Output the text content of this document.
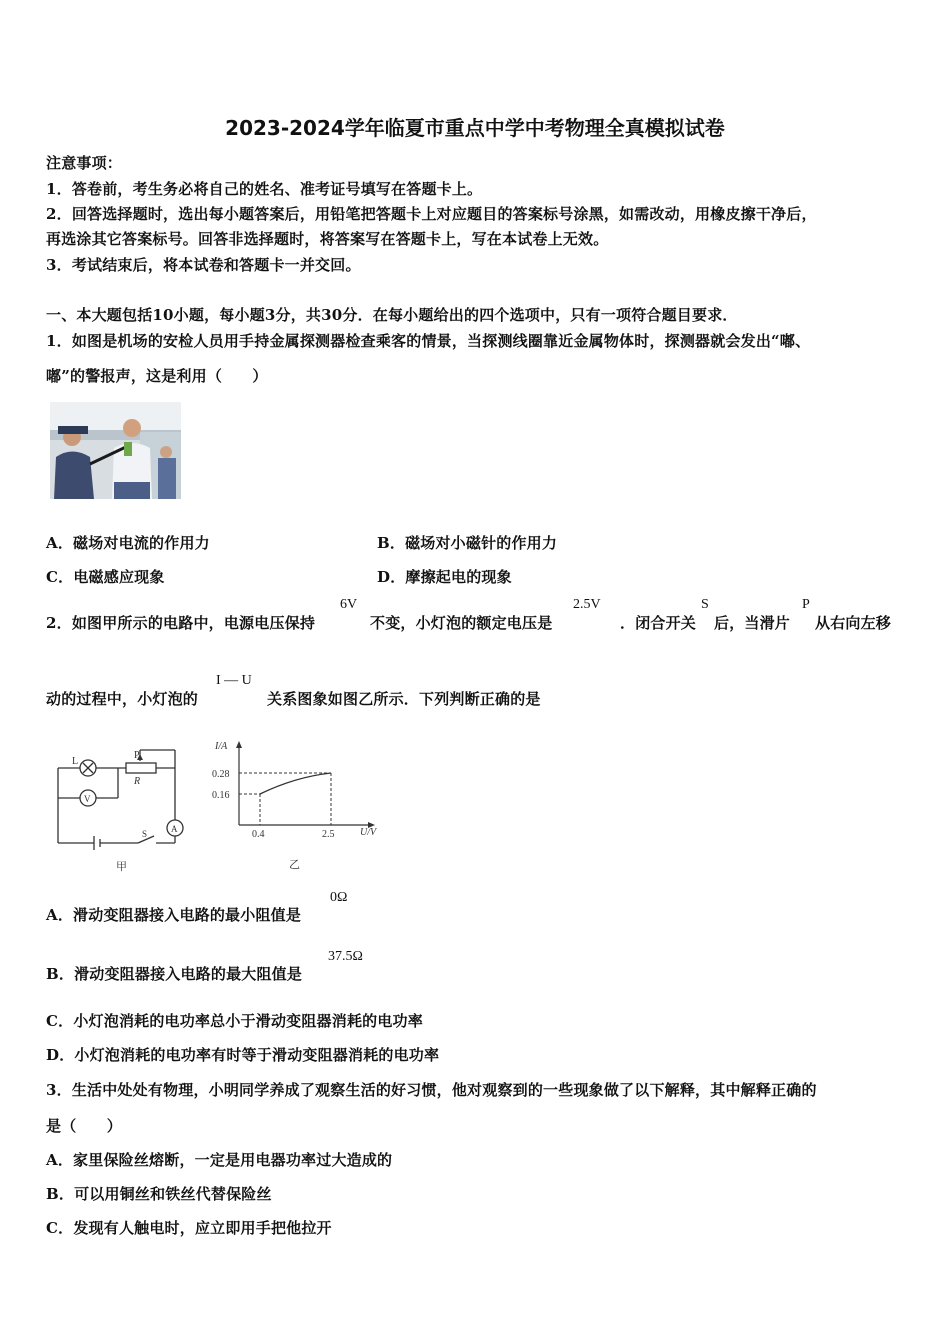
2023-2024学年临夏市重点中学中考物理全真模拟试卷
注意事项：
1．答卷前，考生务必将自己的姓名、准考证号填写在答题卡上。
2．回答选择题时，选出每小题答案后，用铅笔把答题卡上对应题目的答案标号涂黑，如需改动，用橡皮擦干净后，
再选涂其它答案标号。回答非选择题时，将答案写在答题卡上，写在本试卷上无效。
3．考试结束后，将本试卷和答题卡一并交回。
一、本大题包括10小题，每小题3分，共30分．在每小题给出的四个选项中，只有一项符合题目要求．
1．如图是机场的安检人员用手持金属探测器检查乘客的情景，当探测线圈靠近金属物体时，探测器就会发出“嘟、
嘟”的警报声，这是利用（　　）
A．磁场对电流的作用力	B．磁场对小磁针的作用力
C．电磁感应现象	D．摩擦起电的现象
2．如图甲所示的电路中，电源电压保持
6V
不变，小灯泡的额定电压是
2.5V
．闭合开关
S
后，当滑片
P
从右向左移
动的过程中，小灯泡的
I — U
关系图象如图乙所示．下列判断正确的是
L
P
R
V
A
S
甲
I/A
U/V
0.28
0.16
0.4	2.5
乙
A．滑动变阻器接入电路的最小阻值是
0Ω
B．滑动变阻器接入电路的最大阻值是
37.5Ω
C．小灯泡消耗的电功率总小于滑动变阻器消耗的电功率
D．小灯泡消耗的电功率有时等于滑动变阻器消耗的电功率
3．生活中处处有物理，小明同学养成了观察生活的好习惯，他对观察到的一些现象做了以下解释，其中解释正确的
是（　　）
A．家里保险丝熔断，一定是用电器功率过大造成的
B．可以用铜丝和铁丝代替保险丝
C．发现有人触电时，应立即用手把他拉开
